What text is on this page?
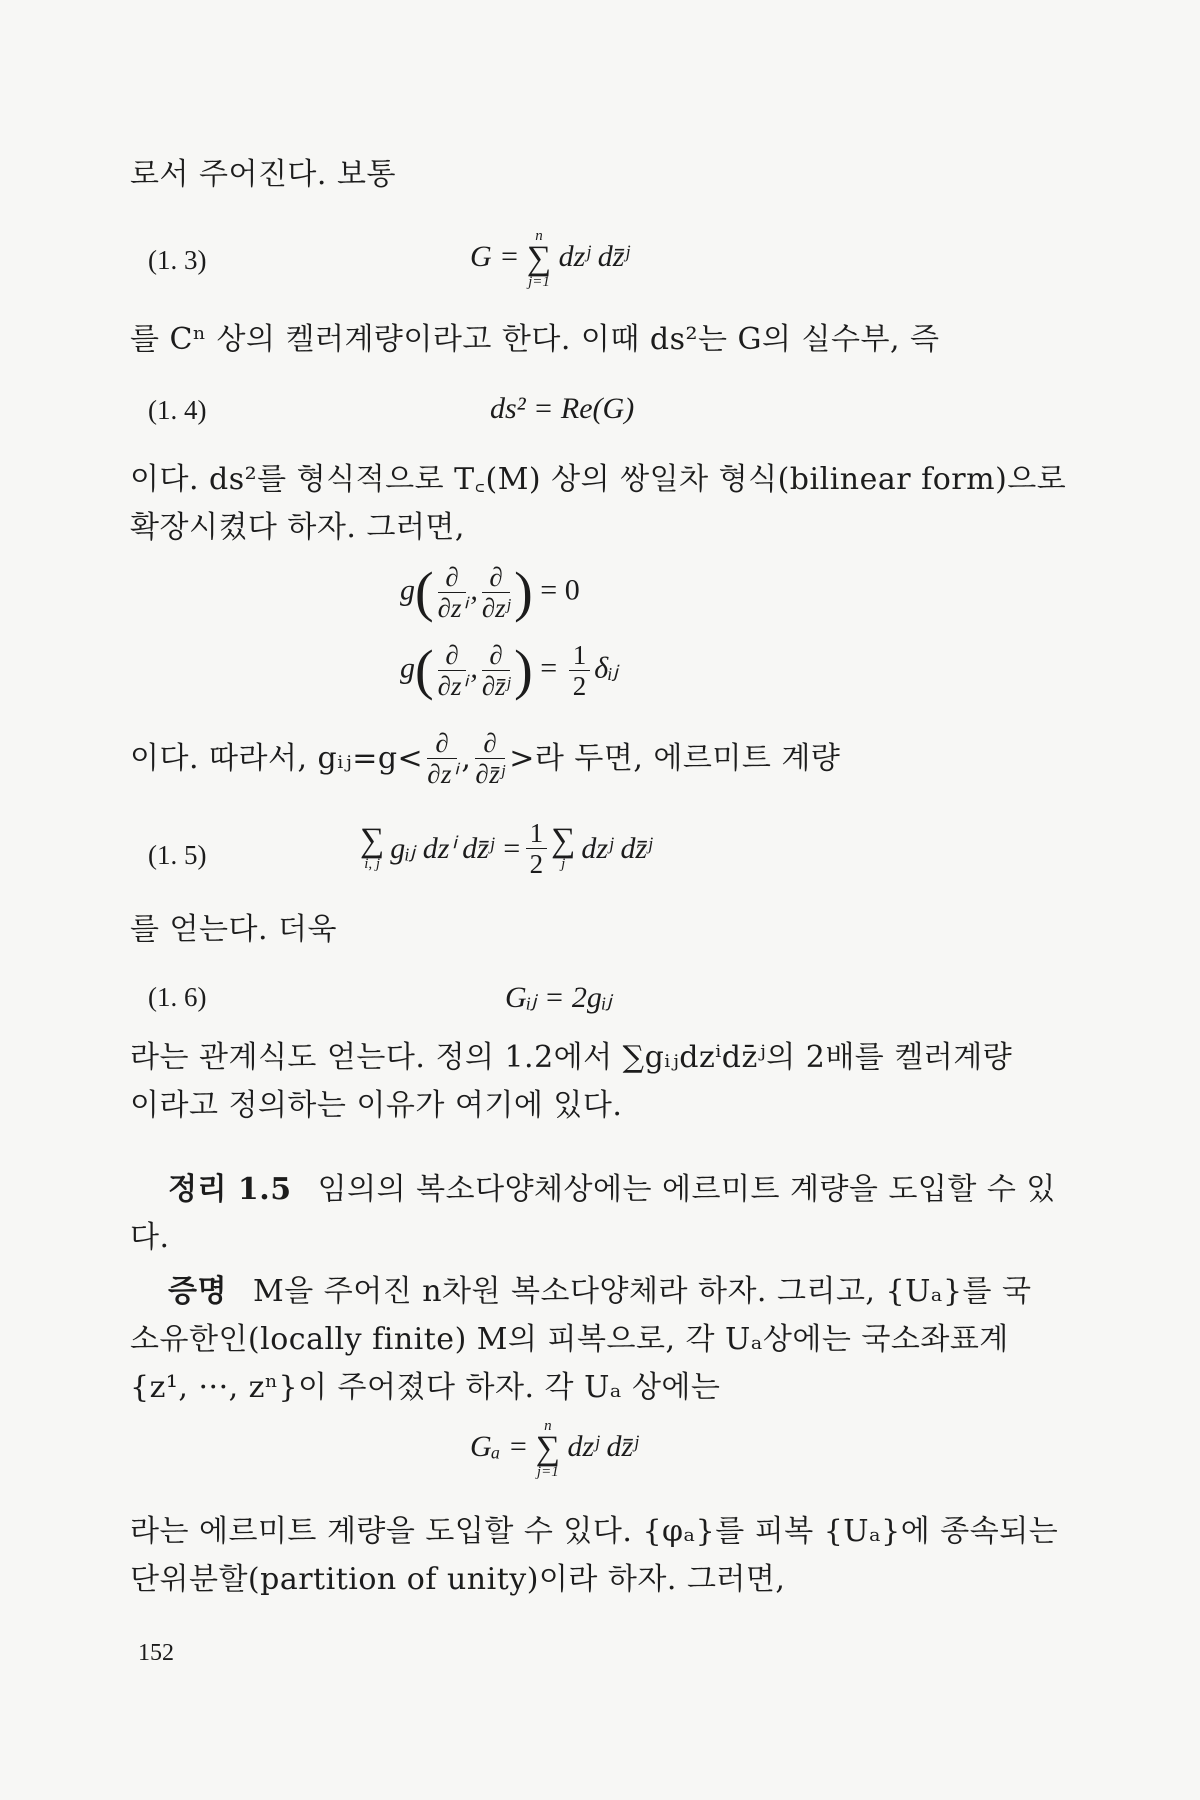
로서 주어진다. 보통
(1. 3)	G =
n
∑
j=1
dzʲ dz̄ʲ
를 Cⁿ 상의 켈러계량이라고 한다. 이때 ds²는 G의 실수부, 즉
(1. 4)	ds² = Re(G)
이다. ds²를 형식적으로 T꜀(M) 상의 쌍일차 형식(bilinear form)으로
확장시켰다 하자. 그러면,
$g( \frac{\partial}{\text{∂zⁱ}}$ , $\frac{\partial}{\text{∂zʲ}}$ ) = 0
$g( \frac{\partial}{\text{∂zⁱ}}$ , $\frac{\partial}{\text{∂z̄ʲ}}$ ) = $\frac{1}{2}$ δᵢⱼ
이다. 따라서, gᵢⱼ=g< $\frac{\partial}{\text{∂zⁱ}}$ , $\frac{\partial}{\text{∂z̄ʲ}}$ >라 두면, 에르미트 계량
(1. 5)	∑
i, j gᵢⱼ dzⁱ dz̄ʲ = $\frac{1}{2}$ ∑
j dzʲ dz̄ʲ
를 얻는다. 더욱
(1. 6)	Gᵢⱼ = 2gᵢⱼ
라는 관계식도 얻는다. 정의 1.2에서 ∑gᵢⱼdzⁱdz̄ʲ의 2배를 켈러계량
이라고 정의하는 이유가 여기에 있다.
정리 1.5 임의의 복소다양체상에는 에르미트 계량을 도입할 수 있
다.
증명 M을 주어진 n차원 복소다양체라 하자. 그리고, {Uₐ}를 국
소유한인(locally finite) M의 피복으로, 각 Uₐ상에는 국소좌표계
{z¹, ···, zⁿ}이 주어졌다 하자. 각 Uₐ 상에는
Gₐ =
n
∑
j=1
dzʲ dz̄ʲ
라는 에르미트 계량을 도입할 수 있다. {φₐ}를 피복 {Uₐ}에 종속되는
단위분할(partition of unity)이라 하자. 그러면,
152
